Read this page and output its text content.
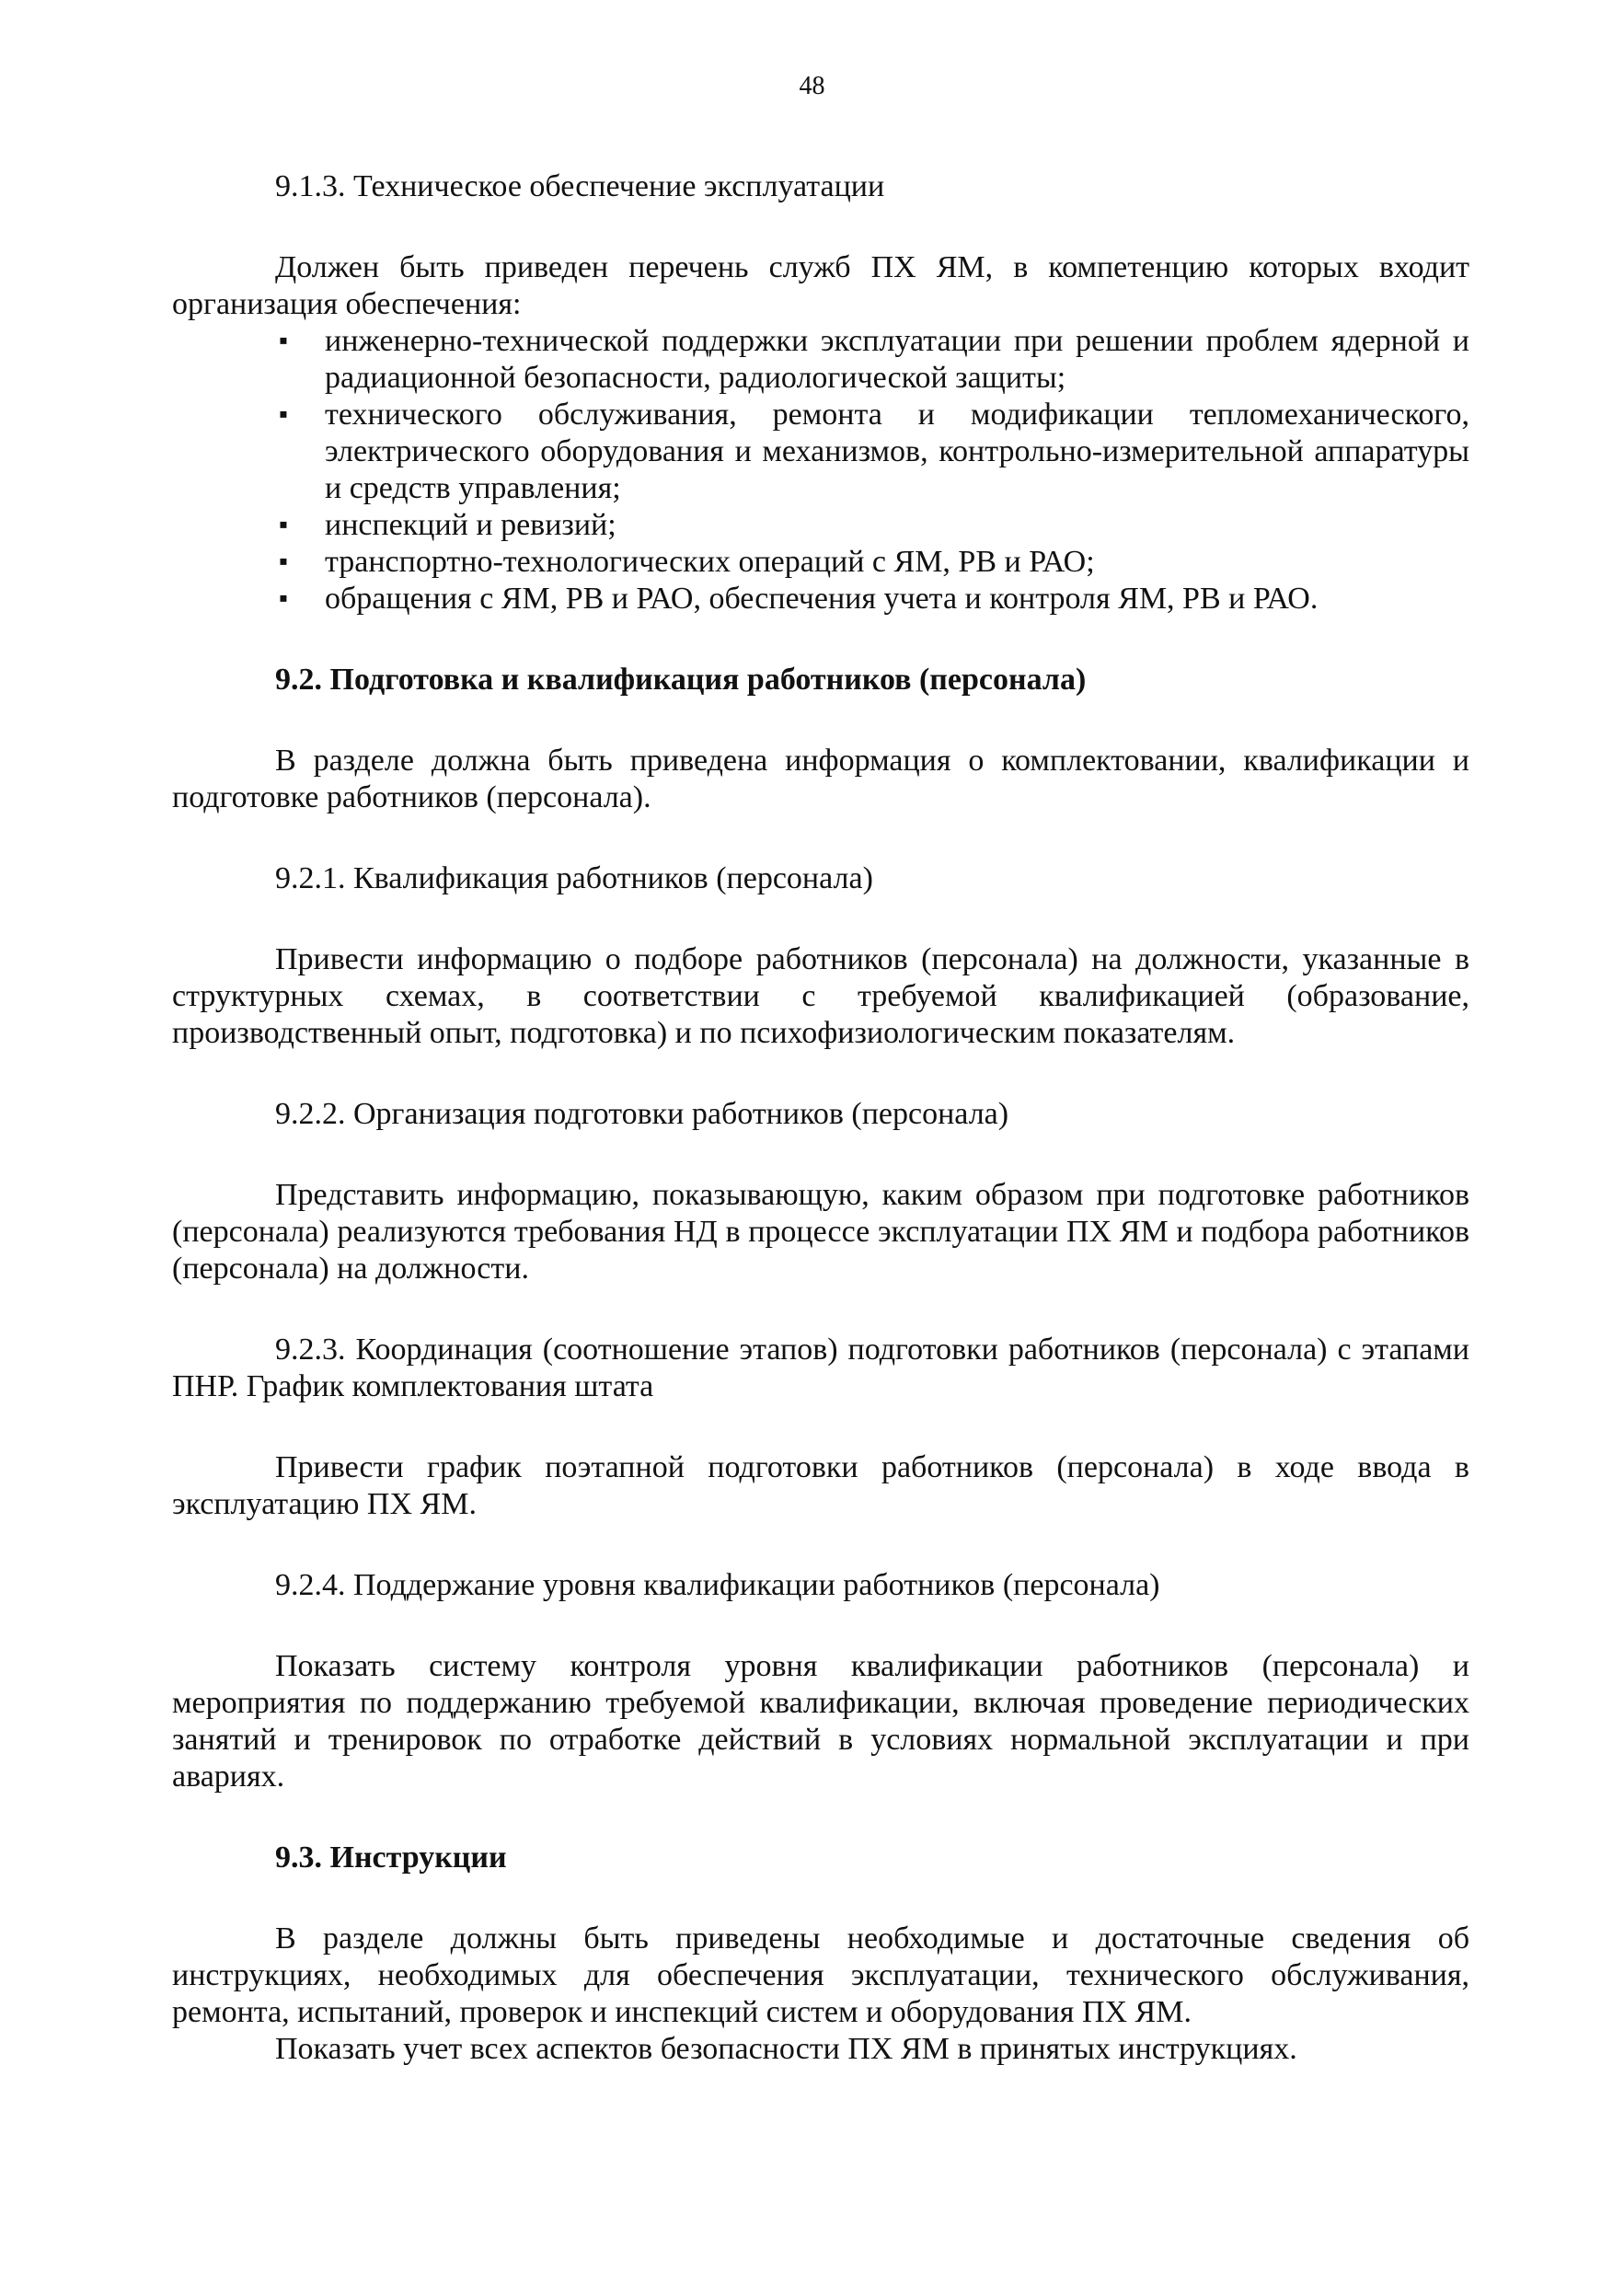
48

9.1.3. Техническое обеспечение эксплуатации

Должен быть приведен перечень служб ПХ ЯМ, в компетенцию которых входит организация обеспечения:

▪ инженерно-технической поддержки эксплуатации при решении проблем ядерной и радиационной безопасности, радиологической защиты;
▪ технического обслуживания, ремонта и модификации тепломеханического, электрического оборудования и механизмов, контрольно-измерительной аппаратуры и средств управления;
▪ инспекций и ревизий;
▪ транспортно-технологических операций с ЯМ, РВ и РАО;
▪ обращения с ЯМ, РВ и РАО, обеспечения учета и контроля ЯМ, РВ и РАО.

9.2. Подготовка и квалификация работников (персонала)

В разделе должна быть приведена информация о комплектовании, квалификации и подготовке работников (персонала).

9.2.1. Квалификация работников (персонала)

Привести информацию о подборе работников (персонала) на должности, указанные в структурных схемах, в соответствии с требуемой квалификацией (образование, производственный опыт, подготовка) и по психофизиологическим показателям.

9.2.2. Организация подготовки работников (персонала)

Представить информацию, показывающую, каким образом при подготовке работников (персонала) реализуются требования НД в процессе эксплуатации ПХ ЯМ и подбора работников (персонала) на должности.

9.2.3. Координация (соотношение этапов) подготовки работников (персонала) с этапами ПНР. График комплектования штата

Привести график поэтапной подготовки работников (персонала) в ходе ввода в эксплуатацию ПХ ЯМ.

9.2.4. Поддержание уровня квалификации работников (персонала)

Показать систему контроля уровня квалификации работников (персонала) и мероприятия по поддержанию требуемой квалификации, включая проведение периодических занятий и тренировок по отработке действий в условиях нормальной эксплуатации и при авариях.

9.3. Инструкции

В разделе должны быть приведены необходимые и достаточные сведения об инструкциях, необходимых для обеспечения эксплуатации, технического обслуживания, ремонта, испытаний, проверок и инспекций систем и оборудования ПХ ЯМ.

Показать учет всех аспектов безопасности ПХ ЯМ в принятых инструкциях.
